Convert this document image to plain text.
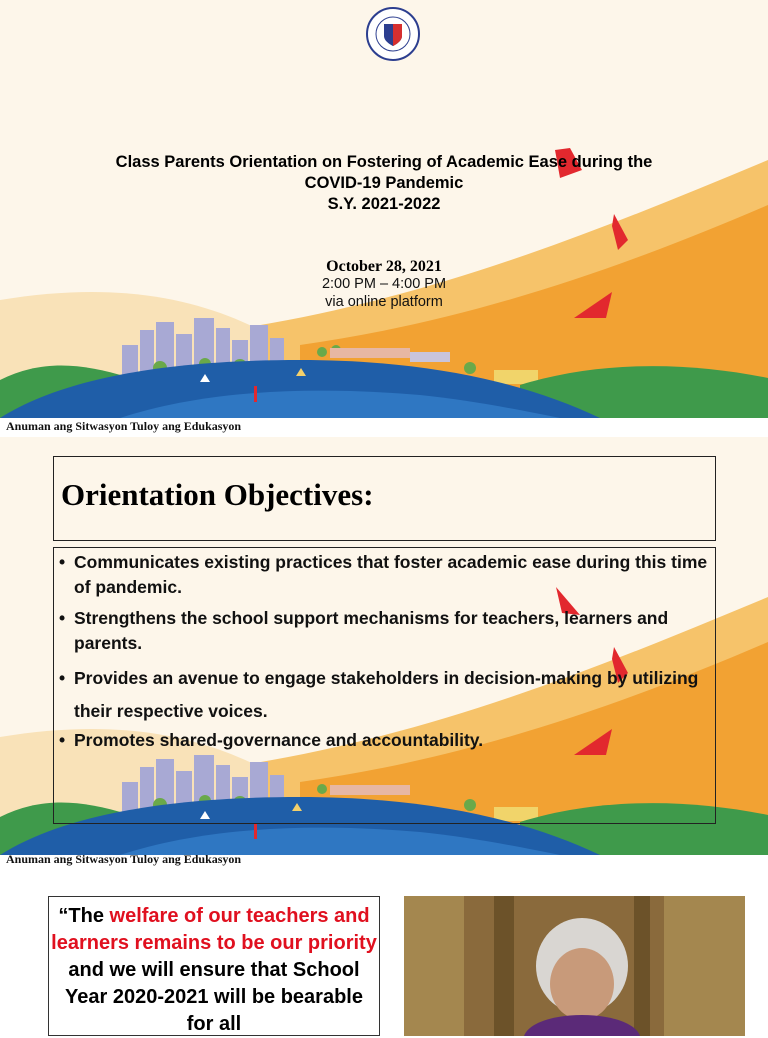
Class Parents Orientation on Fostering of Academic Ease during the
COVID-19 Pandemic
S.Y. 2021-2022
October 28, 2021
2:00 PM – 4:00 PM
via online platform
Anuman ang Sitwasyon Tuloy ang Edukasyon
Orientation Objectives:
• Communicates existing practices that foster academic ease during this time of pandemic.
• Strengthens the school support mechanisms for teachers, learners and parents.
• Provides an avenue to engage stakeholders in decision-making by utilizing their respective voices.
• Promotes shared-governance and accountability.
Anuman ang Sitwasyon Tuloy ang Edukasyon
“The welfare of our teachers and learners remains to be our priority and we will ensure that School Year 2020-2021 will be bearable for all
